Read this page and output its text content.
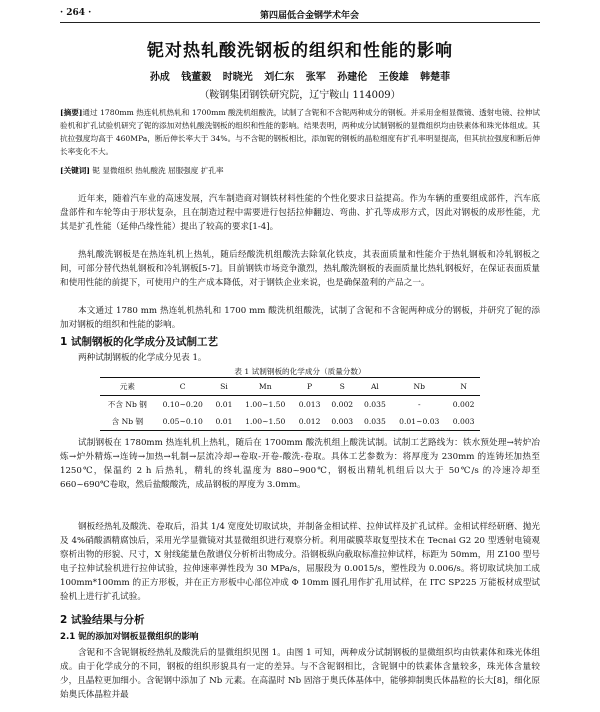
· 264 ·	第四届低合金钢学术年会
铌对热轧酸洗钢板的组织和性能的影响
孙成 钱董毅 时晓光 刘仁东 张军 孙建伦 王俊雄 韩楚菲
（鞍钢集团钢铁研究院，辽宁鞍山 114009）
[摘要]通过 1780mm 热连轧机热轧和 1700mm 酸洗机组酸洗，试制了含铌和不含铌两种成分的钢板。并采用金相显微镜、透射电镜、拉伸试验机和扩孔试验机研究了铌的添加对热轧酸洗钢板的组织和性能的影响。结果表明，两种成分试制钢板的显微组织均由铁素体和珠光体组成。其抗拉强度均高于 460MPa，断后伸长率大于 34%。与不含铌的钢板相比，添加铌的钢板的晶粒细度有扩孔率明显提高，但其抗拉强度和断后伸长率变化不大。
[关键词] 铌 显微组织 热轧酸洗 屈服强度 扩孔率
近年来，随着汽车业的高速发展，汽车制造商对钢铁材料性能的个性化要求日益提高。作为车辆的重要组成部件，汽车底盘部件和车轮等由于形状复杂，且在制造过程中需要进行包括拉伸翻边、弯曲、扩孔等成形方式，因此对钢板的成形性能，尤其是扩孔性能（延伸凸缘性能）提出了较高的要求[1-4]。
热轧酸洗钢板是在热连轧机上热轧，随后经酸洗机组酸洗去除氧化铁皮，其表面质量和性能介于热轧钢板和冷轧钢板之间，可部分替代热轧钢板和冷轧钢板[5-7]。目前钢铁市场竞争激烈，热轧酸洗钢板的表面质量比热轧钢板好，在保证表面质量和使用性能的前提下，可使用户的生产成本降低，对于钢铁企业来说，也是确保盈利的产品之一。
本文通过 1780 mm 热连轧机热轧和 1700 mm 酸洗机组酸洗，试制了含铌和不含铌两种成分的钢板，并研究了铌的添加对钢板的组织和性能的影响。
1 试制钢板的化学成分及试制工艺
两种试制钢板的化学成分见表 1。
表 1 试制钢板的化学成分（质量分数）
元素	C	Si	Mn	P	S	Al	Nb	N
不含 Nb 钢	0.10~0.20	0.01	1.00~1.50	0.013	0.002	0.035	-	0.002
含 Nb 钢	0.05~0.10	0.01	1.00~1.50	0.012	0.003	0.035	0.01~0.03	0.003
试制钢板在 1780mm 热连轧机上热轧，随后在 1700mm 酸洗机组上酸洗试制。试制工艺路线为：铁水预处理→转炉冶炼→炉外精炼→连铸→加热→轧制→层流冷却→卷取-开卷-酸洗-卷取。具体工艺参数为：将厚度为 230mm 的连铸坯加热至 1250℃，保温约 2 h 后热轧，精轧的终轧温度为 880~900℃，钢板出精轧机组后以大于 50℃/s 的冷速冷却至 660~690℃卷取，然后盐酸酸洗，成品钢板的厚度为 3.0mm。
钢板经热轧及酸洗、卷取后，沿其 1/4 宽度处切取试块，并制备金相试样、拉伸试样及扩孔试样。金相试样经研磨、抛光及 4%硝酸酒精腐蚀后，采用光学显微镜对其显微组织进行观察分析。利用碳膜萃取复型技术在 Tecnai G2 20 型透射电镜观察析出物的形貌、尺寸，X 射线能量色散谱仪分析析出物成分。沿钢板纵向截取标准拉伸试样，标距为 50mm，用 Z100 型号电子拉伸试验机进行拉伸试验，拉伸速率弹性段为 30 MPa/s，屈服段为 0.0015/s，塑性段为 0.006/s。将切取试块加工成 100mm*100mm 的正方形板，并在正方形板中心部位冲成 Φ 10mm 圆孔用作扩孔用试样，在 ITC SP225 万能板材成型试验机上进行扩孔试验。
2 试验结果与分析
2.1 铌的添加对钢板显微组织的影响
含铌和不含铌钢板经热轧及酸洗后的显微组织见图 1。由图 1 可知，两种成分试制钢板的显微组织均由铁素体和珠光体组成。由于化学成分的不同，钢板的组织形貌具有一定的差异。与不含铌钢相比，含铌钢中的铁素体含量较多，珠光体含量较少，且晶粒更加细小。含铌钢中添加了 Nb 元素。在高温时 Nb 固溶于奥氏体基体中，能够抑制奥氏体晶粒的长大[8]，细化原始奥氏体晶粒并最
